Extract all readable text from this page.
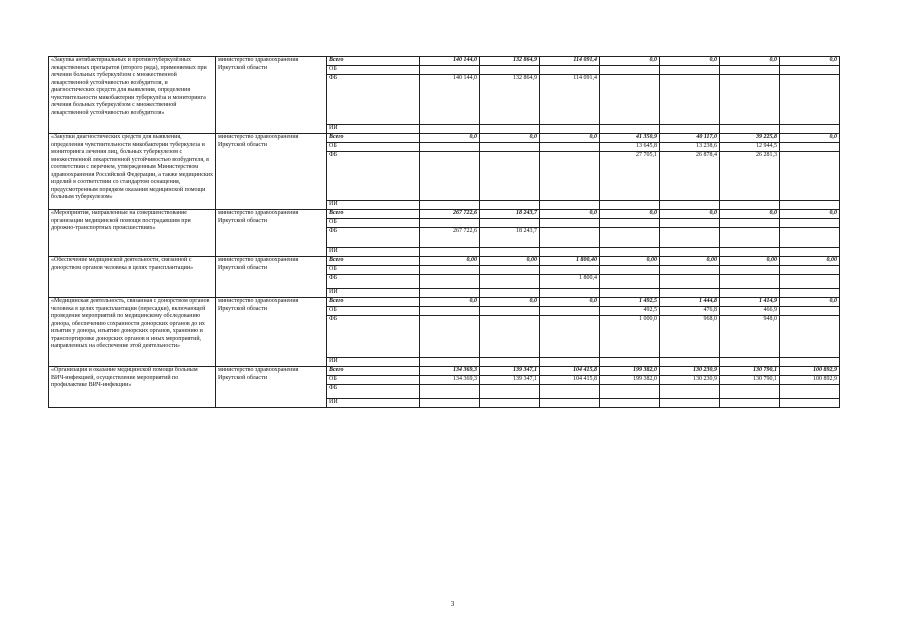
«Закупка антибактериальных и противотуберкулёзных лекарственных препаратов (второго ряда), применяемых при лечении больных туберкулёзом с множественной лекарственной устойчивостью возбудителя, и диагностических средств для выявления, определения чувствительности микобактерии туберкулёза и мониторинга лечения больных туберкулёзом с множественной лекарственной устойчивостью возбудителя»	министерство здравоохранения Иркутской области	Всего	140 144,0	132 864,9	114 091,4	0,0	0,0	0,0	0,0
		ОБ							
		ФБ	140 144,0	132 864,9	114 091,4				
		ИИ							
«Закупки диагностических средств для выявления, определения чувствительности микобактерии туберкулеза и мониторинга лечения лиц, больных туберкулезом с множественной лекарственной устойчивостью возбудителя, в соответствии с перечнем, утвержденным Министерством здравоохранения Российской Федерации, а также медицинских изделий в соответствии со стандартом оснащения, предусмотренным порядком оказания медицинской помощи больным туберкулезом»	министерство здравоохранения Иркутской области	Всего	0,0	0,0	0,0	41 350,9	40 117,0	39 225,8	0,0
		ОБ				13 645,8	13 238,6	12 944,5	
		ФБ				27 705,1	26 878,4	26 281,3	
		ИИ							
«Мероприятия, направленные на совершенствование организации медицинской помощи пострадавшим при дорожно-транспортных происшествиях»	министерство здравоохранения Иркутской области	Всего	267 722,6	18 243,7	0,0	0,0	0,0	0,0	0,0
		ОБ							
		ФБ	267 722,6	18 243,7					
		ИИ							
«Обеспечение медицинской деятельности, связанной с донорством органов человека в целях трансплантации»	министерство здравоохранения Иркутской области	Всего	0,00	0,00	1 800,40	0,00	0,00	0,00	0,00
		ОБ							
		ФБ			1 800,4				
		ИИ							
«Медицинская деятельность, связанная с донорством органов человека в целях трансплантации (пересадки), включающей проведение мероприятий по медицинскому обследованию донора, обеспечению сохранности донорских органов до их изъятия у донора, изъятию донорских органов, хранению и транспортировке донорских органов и иных мероприятий, направленных на обеспечение этой деятельности»	министерство здравоохранения Иркутской области	Всего	0,0	0,0	0,0	1 492,5	1 444,8	1 414,9	0,0
		ОБ				492,5	476,8	466,9	
		ФБ				1 000,0	968,0	948,0	
		ИИ							
«Организация и оказание медицинской помощи больным ВИЧ-инфекцией, осуществление мероприятий по профилактике ВИЧ-инфекции»	министерство здравоохранения Иркутской области	Всего	134 369,3	139 347,1	104 415,8	199 382,0	130 230,9	130 790,1	100 892,9
		ОБ	134 369,3	139 347,1	104 415,8	199 382,0	130 230,9	130 790,1	100 892,9
		ФБ							
		ИИ							
3
